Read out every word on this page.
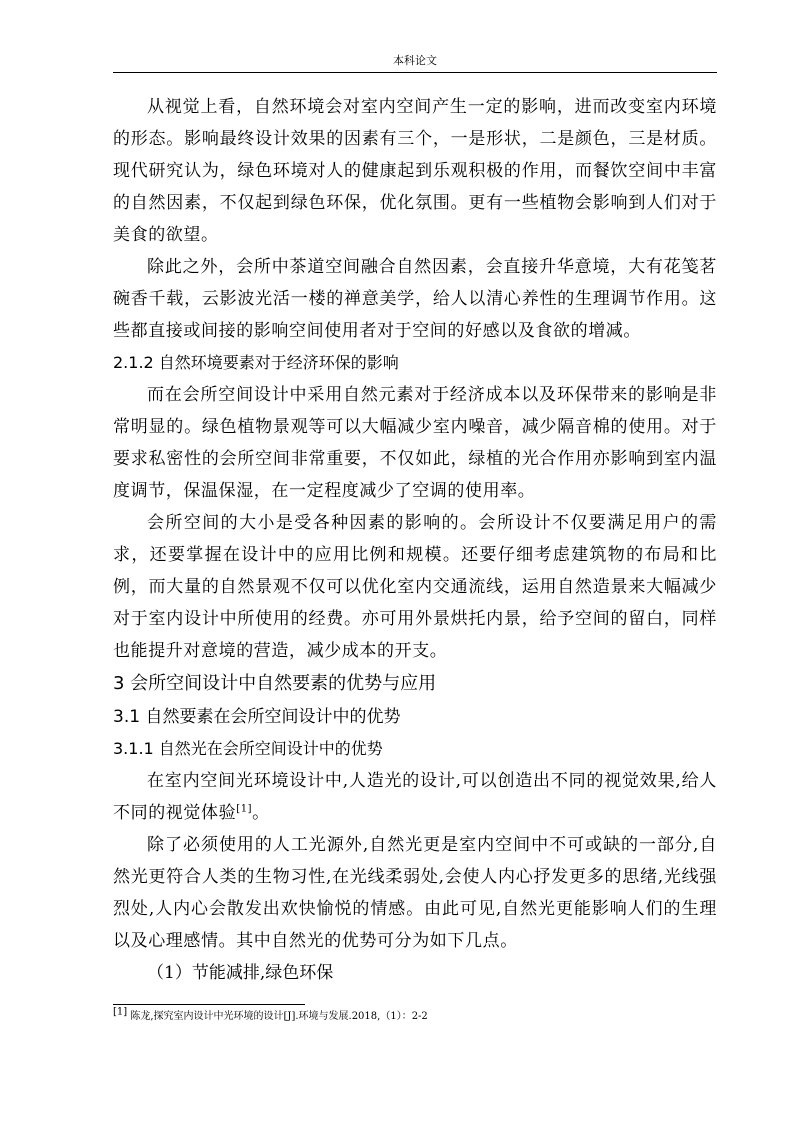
本科论文

从视觉上看，自然环境会对室内空间产生一定的影响，进而改变室内环境的形态。影响最终设计效果的因素有三个，一是形状，二是颜色，三是材质。现代研究认为，绿色环境对人的健康起到乐观积极的作用，而餐饮空间中丰富的自然因素，不仅起到绿色环保，优化氛围。更有一些植物会影响到人们对于美食的欲望。

除此之外，会所中茶道空间融合自然因素，会直接升华意境，大有花笺茗碗香千载，云影波光活一楼的禅意美学，给人以清心养性的生理调节作用。这些都直接或间接的影响空间使用者对于空间的好感以及食欲的增减。

2.1.2 自然环境要素对于经济环保的影响

而在会所空间设计中采用自然元素对于经济成本以及环保带来的影响是非常明显的。绿色植物景观等可以大幅减少室内噪音，减少隔音棉的使用。对于要求私密性的会所空间非常重要，不仅如此，绿植的光合作用亦影响到室内温度调节，保温保湿，在一定程度减少了空调的使用率。

会所空间的大小是受各种因素的影响的。会所设计不仅要满足用户的需求，还要掌握在设计中的应用比例和规模。还要仔细考虑建筑物的布局和比例，而大量的自然景观不仅可以优化室内交通流线，运用自然造景来大幅减少对于室内设计中所使用的经费。亦可用外景烘托内景，给予空间的留白，同样也能提升对意境的营造，减少成本的开支。

3 会所空间设计中自然要素的优势与应用

3.1 自然要素在会所空间设计中的优势

3.1.1 自然光在会所空间设计中的优势

在室内空间光环境设计中,人造光的设计,可以创造出不同的视觉效果,给人不同的视觉体验[1]。

除了必须使用的人工光源外,自然光更是室内空间中不可或缺的一部分,自然光更符合人类的生物习性,在光线柔弱处,会使人内心抒发更多的思绪,光线强烈处,人内心会散发出欢快愉悦的情感。由此可见,自然光更能影响人们的生理以及心理感情。其中自然光的优势可分为如下几点。

（1）节能减排,绿色环保

[1] 陈龙,探究室内设计中光环境的设计[J].环境与发展.2018,（1）：2-2
